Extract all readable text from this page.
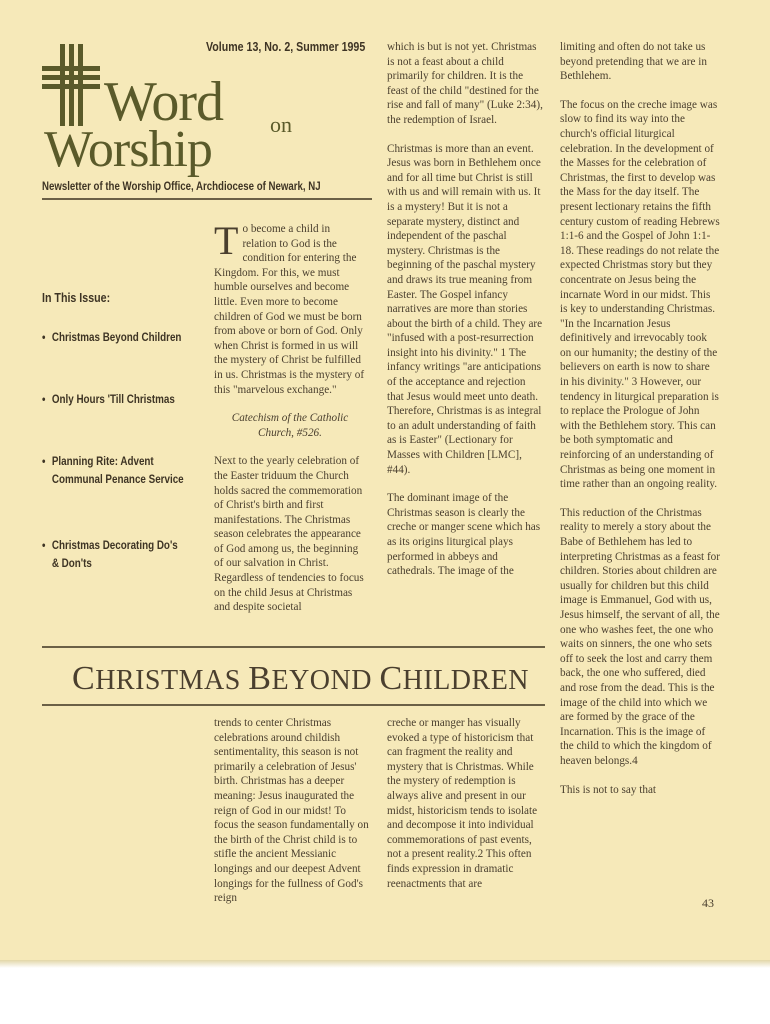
Volume 13, No. 2, Summer 1995
Word on
Worship
Newsletter of the Worship Office, Archdiocese of Newark, NJ
In This Issue:
• Christmas Beyond Children
• Only Hours 'Till Christmas
• Planning Rite: Advent Communal Penance Service
• Christmas Decorating Do's & Don'ts

To become a child in relation to God is the condition for entering the Kingdom. For this, we must humble ourselves and become little. Even more to become children of God we must be born from above or born of God. Only when Christ is formed in us will the mystery of Christ be fulfilled in us. Christmas is the mystery of this "marvelous exchange."

Catechism of the Catholic Church, #526.

Next to the yearly celebration of the Easter triduum the Church holds sacred the commemoration of Christ's birth and first manifestations. The Christmas season celebrates the appearance of God among us, the beginning of our salvation in Christ. Regardless of tendencies to focus on the child Jesus at Christmas and despite societal

which is but is not yet. Christmas is not a feast about a child primarily for children. It is the feast of the child "destined for the rise and fall of many" (Luke 2:34), the redemption of Israel.

Christmas is more than an event. Jesus was born in Bethlehem once and for all time but Christ is still with us and will remain with us. It is a mystery! But it is not a separate mystery, distinct and independent of the paschal mystery. Christmas is the beginning of the paschal mystery and draws its true meaning from Easter. The Gospel infancy narratives are more than stories about the birth of a child. They are "infused with a post-resurrection insight into his divinity." 1 The infancy writings "are anticipations of the acceptance and rejection that Jesus would meet unto death. Therefore, Christmas is as integral to an adult understanding of faith as is Easter" (Lectionary for Masses with Children [LMC], #44).

The dominant image of the Christmas season is clearly the creche or manger scene which has as its origins liturgical plays performed in abbeys and cathedrals. The image of the

limiting and often do not take us beyond pretending that we are in Bethlehem.

The focus on the creche image was slow to find its way into the church's official liturgical celebration. In the development of the Masses for the celebration of Christmas, the first to develop was the Mass for the day itself. The present lectionary retains the fifth century custom of reading Hebrews 1:1-6 and the Gospel of John 1:1-18. These readings do not relate the expected Christmas story but they concentrate on Jesus being the incarnate Word in our midst. This is key to understanding Christmas. "In the Incarnation Jesus definitively and irrevocably took on our humanity; the destiny of the believers on earth is now to share in his divinity." 3 However, our tendency in liturgical preparation is to replace the Prologue of John with the Bethlehem story. This can be both symptomatic and reinforcing of an understanding of Christmas as being one moment in time rather than an ongoing reality.

This reduction of the Christmas reality to merely a story about the Babe of Bethlehem has led to interpreting Christmas as a feast for children. Stories about children are usually for children but this child image is Emmanuel, God with us, Jesus himself, the servant of all, the one who washes feet, the one who waits on sinners, the one who sets off to seek the lost and carry them back, the one who suffered, died and rose from the dead. This is the image of the child into which we are formed by the grace of the Incarnation. This is the image of the child to which the kingdom of heaven belongs.4

This is not to say that

CHRISTMAS BEYOND CHILDREN

trends to center Christmas celebrations around childish sentimentality, this season is not primarily a celebration of Jesus' birth. Christmas has a deeper meaning: Jesus inaugurated the reign of God in our midst! To focus the season fundamentally on the birth of the Christ child is to stifle the ancient Messianic longings and our deepest Advent longings for the fullness of God's reign

creche or manger has visually evoked a type of historicism that can fragment the reality and mystery that is Christmas. While the mystery of redemption is always alive and present in our midst, historicism tends to isolate and decompose it into individual commemorations of past events, not a present reality.2 This often finds expression in dramatic reenactments that are

43
